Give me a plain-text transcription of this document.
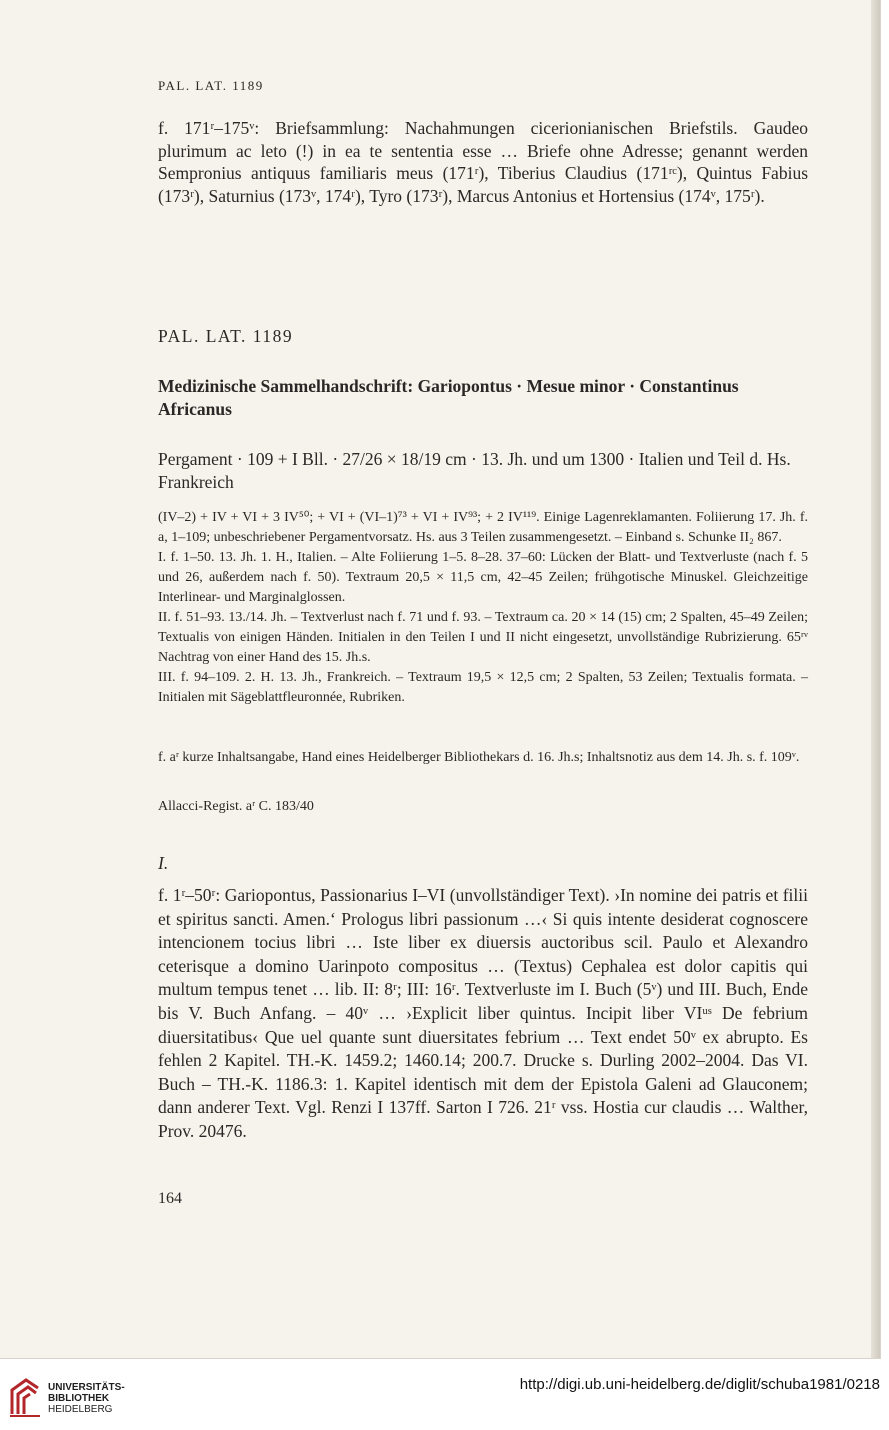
PAL. LAT. 1189

f. 171ʳ–175ᵛ: Briefsammlung: Nachahmungen cicerionianischen Briefstils. Gaudeo plurimum ac leto (!) in ea te sententia esse … Briefe ohne Adresse; genannt werden Sempronius antiquus familiaris meus (171ʳ), Tiberius Claudius (171ʳᶜ), Quintus Fabius (173ʳ), Saturnius (173ᵛ, 174ʳ), Tyro (173ʳ), Marcus Antonius et Hortensius (174ᵛ, 175ʳ).

PAL. LAT. 1189
Medizinische Sammelhandschrift: Gariopontus · Mesue minor · Constantinus Africanus
Pergament · 109 + I Bll. · 27/26 × 18/19 cm · 13. Jh. und um 1300 · Italien und Teil d. Hs. Frankreich

(IV–2) + IV + VI + 3 IV⁵⁰; + VI + (VI–1)⁷³ + VI + IV⁹³; + 2 IV¹¹⁹. Einige Lagenreklamanten. Foliierung 17. Jh. f. a, 1–109; unbeschriebener Pergamentvorsatz. Hs. aus 3 Teilen zusammengesetzt. – Einband s. Schunke II₂ 867.

I. f. 1–50. 13. Jh. 1. H., Italien. – Alte Foliierung 1–5. 8–28. 37–60: Lücken der Blatt- und Textverluste (nach f. 5 und 26, außerdem nach f. 50). Textraum 20,5 × 11,5 cm, 42–45 Zeilen; frühgotische Minuskel. Gleichzeitige Interlinear- und Marginalglossen.

II. f. 51–93. 13./14. Jh. – Textverlust nach f. 71 und f. 93. – Textraum ca. 20 × 14 (15) cm; 2 Spalten, 45–49 Zeilen; Textualis von einigen Händen. Initialen in den Teilen I und II nicht eingesetzt, unvollständige Rubrizierung. 65ʳᵛ Nachtrag von einer Hand des 15. Jh.s.

III. f. 94–109. 2. H. 13. Jh., Frankreich. – Textraum 19,5 × 12,5 cm; 2 Spalten, 53 Zeilen; Textualis formata. – Initialen mit Sägeblattfleuronnée, Rubriken.

f. aʳ kurze Inhaltsangabe, Hand eines Heidelberger Bibliothekars d. 16. Jh.s; Inhaltsnotiz aus dem 14. Jh. s. f. 109ᵛ.
Allacci-Regist. aʳ C. 183/40
I.

f. 1ʳ–50ʳ: Gariopontus, Passionarius I–VI (unvollständiger Text). ›In nomine dei patris et filii et spiritus sancti. Amen.ʻ Prologus libri passionum …‹ Si quis intente desiderat cognoscere intencionem tocius libri … Iste liber ex diuersis auctoribus scil. Paulo et Alexandro ceterisque a domino Uarinpoto compositus … (Textus) Cephalea est dolor capitis qui multum tempus tenet … lib. II: 8ʳ; III: 16ʳ. Textverluste im I. Buch (5ᵛ) und III. Buch, Ende bis V. Buch Anfang. – 40ᵛ … ›Explicit liber quintus. Incipit liber VIᵘˢ De febrium diuersitatibus‹ Que uel quante sunt diuersitates febrium … Text endet 50ᵛ ex abrupto. Es fehlen 2 Kapitel. TH.-K. 1459.2; 1460.14; 200.7. Drucke s. Durling 2002–2004. Das VI. Buch – TH.-K. 1186.3: 1. Kapitel identisch mit dem der Epistola Galeni ad Glauconem; dann anderer Text. Vgl. Renzi I 137ff. Sarton I 726. 21ʳ vss. Hostia cur claudis … Walther, Prov. 20476.

164
UNIVERSITÄTS-
BIBLIOTHEK
HEIDELBERG
http://digi.ub.uni-heidelberg.de/diglit/schuba1981/0218
